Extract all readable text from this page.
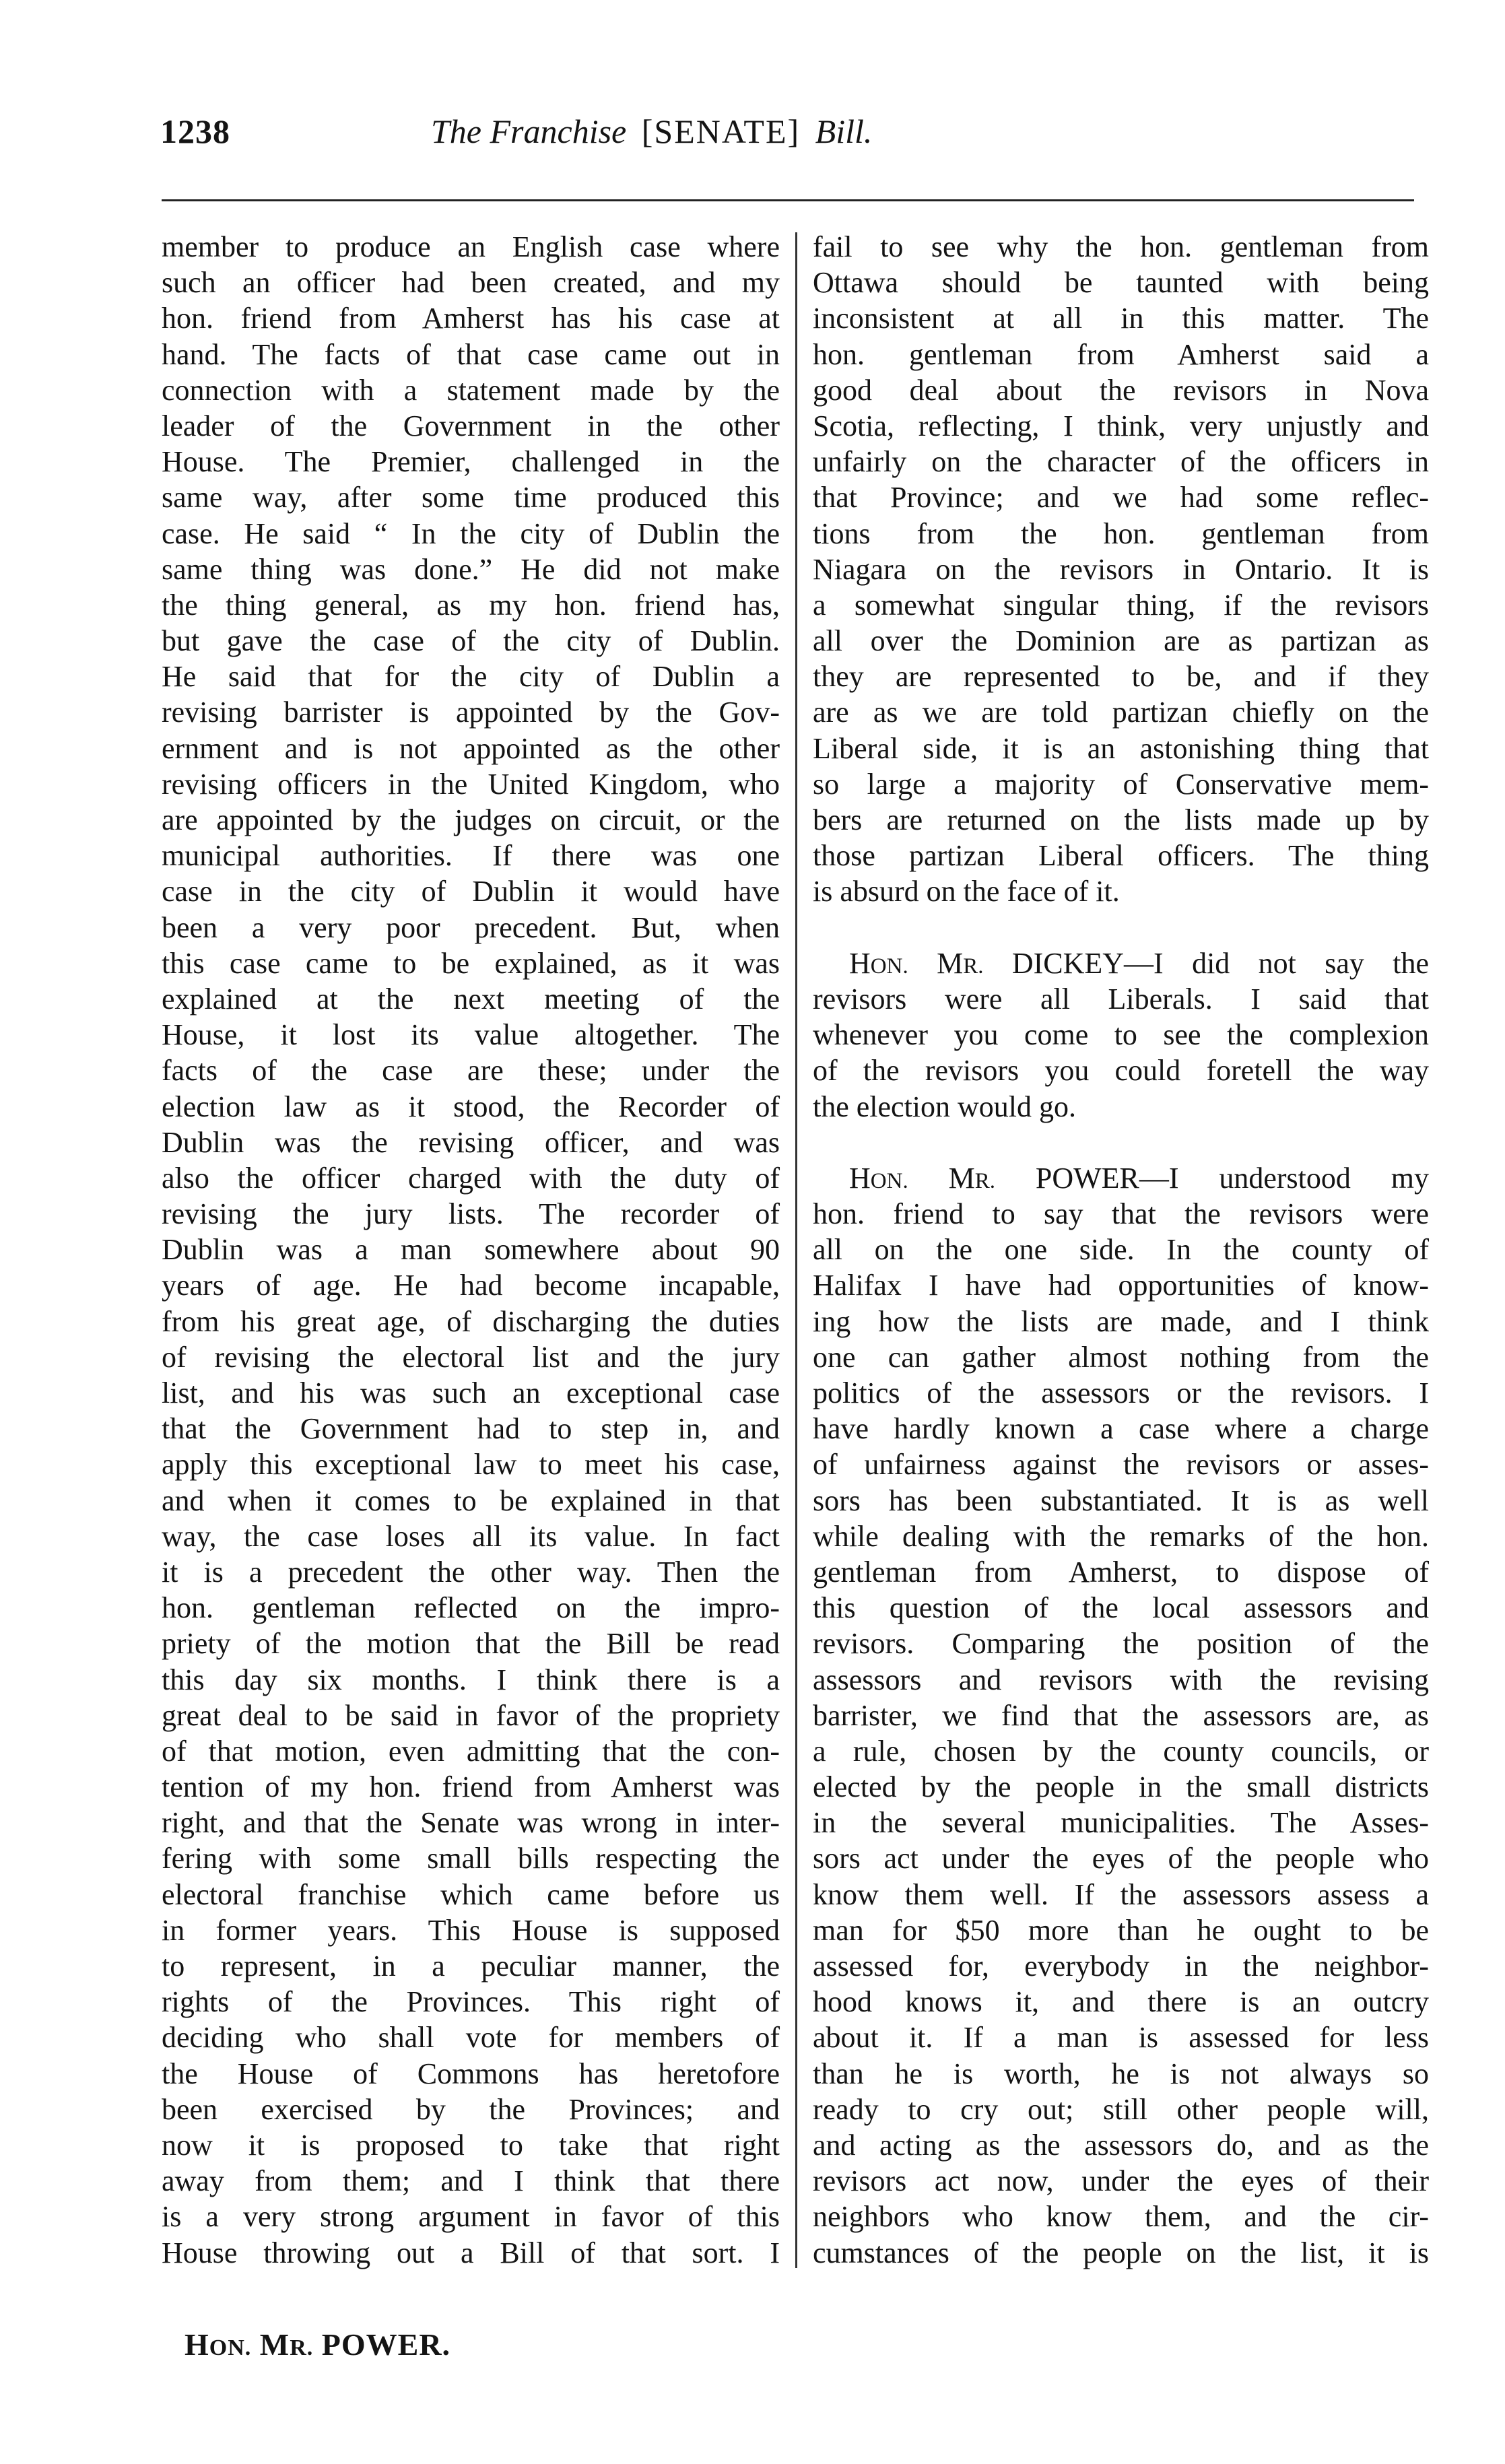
1238	The Franchise [SENATE] Bill.
member to produce an English case where
such an officer had been created, and my
hon. friend from Amherst has his case at
hand. The facts of that case came out in
connection with a statement made by the
leader of the Government in the other
House. The Premier, challenged in the
same way, after some time produced this
case. He said “ In the city of Dublin the
same thing was done.” He did not make
the thing general, as my hon. friend has,
but gave the case of the city of Dublin.
He said that for the city of Dublin a
revising barrister is appointed by the Gov-
ernment and is not appointed as the other
revising officers in the United Kingdom, who
are appointed by the judges on circuit, or the
municipal authorities. If there was one
case in the city of Dublin it would have
been a very poor precedent. But, when
this case came to be explained, as it was
explained at the next meeting of the
House, it lost its value altogether. The
facts of the case are these; under the
election law as it stood, the Recorder of
Dublin was the revising officer, and was
also the officer charged with the duty of
revising the jury lists. The recorder of
Dublin was a man somewhere about 90
years of age. He had become incapable,
from his great age, of discharging the duties
of revising the electoral list and the jury
list, and his was such an exceptional case
that the Government had to step in, and
apply this exceptional law to meet his case,
and when it comes to be explained in that
way, the case loses all its value. In fact
it is a precedent the other way. Then the
hon. gentleman reflected on the impro-
priety of the motion that the Bill be read
this day six months. I think there is a
great deal to be said in favor of the propriety
of that motion, even admitting that the con-
tention of my hon. friend from Amherst was
right, and that the Senate was wrong in inter-
fering with some small bills respecting the
electoral franchise which came before us
in former years. This House is supposed
to represent, in a peculiar manner, the
rights of the Provinces. This right of
deciding who shall vote for members of
the House of Commons has heretofore
been exercised by the Provinces; and
now it is proposed to take that right
away from them; and I think that there
is a very strong argument in favor of this
House throwing out a Bill of that sort. I
fail to see why the hon. gentleman from
Ottawa should be taunted with being
inconsistent at all in this matter. The
hon. gentleman from Amherst said a
good deal about the revisors in Nova
Scotia, reflecting, I think, very unjustly and
unfairly on the character of the officers in
that Province; and we had some reflec-
tions from the hon. gentleman from
Niagara on the revisors in Ontario. It is
a somewhat singular thing, if the revisors
all over the Dominion are as partizan as
they are represented to be, and if they
are as we are told partizan chiefly on the
Liberal side, it is an astonishing thing that
so large a majority of Conservative mem-
bers are returned on the lists made up by
those partizan Liberal officers. The thing
is absurd on the face of it.
HON. MR. DICKEY—I did not say the
revisors were all Liberals. I said that
whenever you come to see the complexion
of the revisors you could foretell the way
the election would go.
HON. MR. POWER—I understood my
hon. friend to say that the revisors were
all on the one side. In the county of
Halifax I have had opportunities of know-
ing how the lists are made, and I think
one can gather almost nothing from the
politics of the assessors or the revisors. I
have hardly known a case where a charge
of unfairness against the revisors or asses-
sors has been substantiated. It is as well
while dealing with the remarks of the hon.
gentleman from Amherst, to dispose of
this question of the local assessors and
revisors. Comparing the position of the
assessors and revisors with the revising
barrister, we find that the assessors are, as
a rule, chosen by the county councils, or
elected by the people in the small districts
in the several municipalities. The Asses-
sors act under the eyes of the people who
know them well. If the assessors assess a
man for $50 more than he ought to be
assessed for, everybody in the neighbor-
hood knows it, and there is an outcry
about it. If a man is assessed for less
than he is worth, he is not always so
ready to cry out; still other people will,
and acting as the assessors do, and as the
revisors act now, under the eyes of their
neighbors who know them, and the cir-
cumstances of the people on the list, it is
HON. MR. POWER.
